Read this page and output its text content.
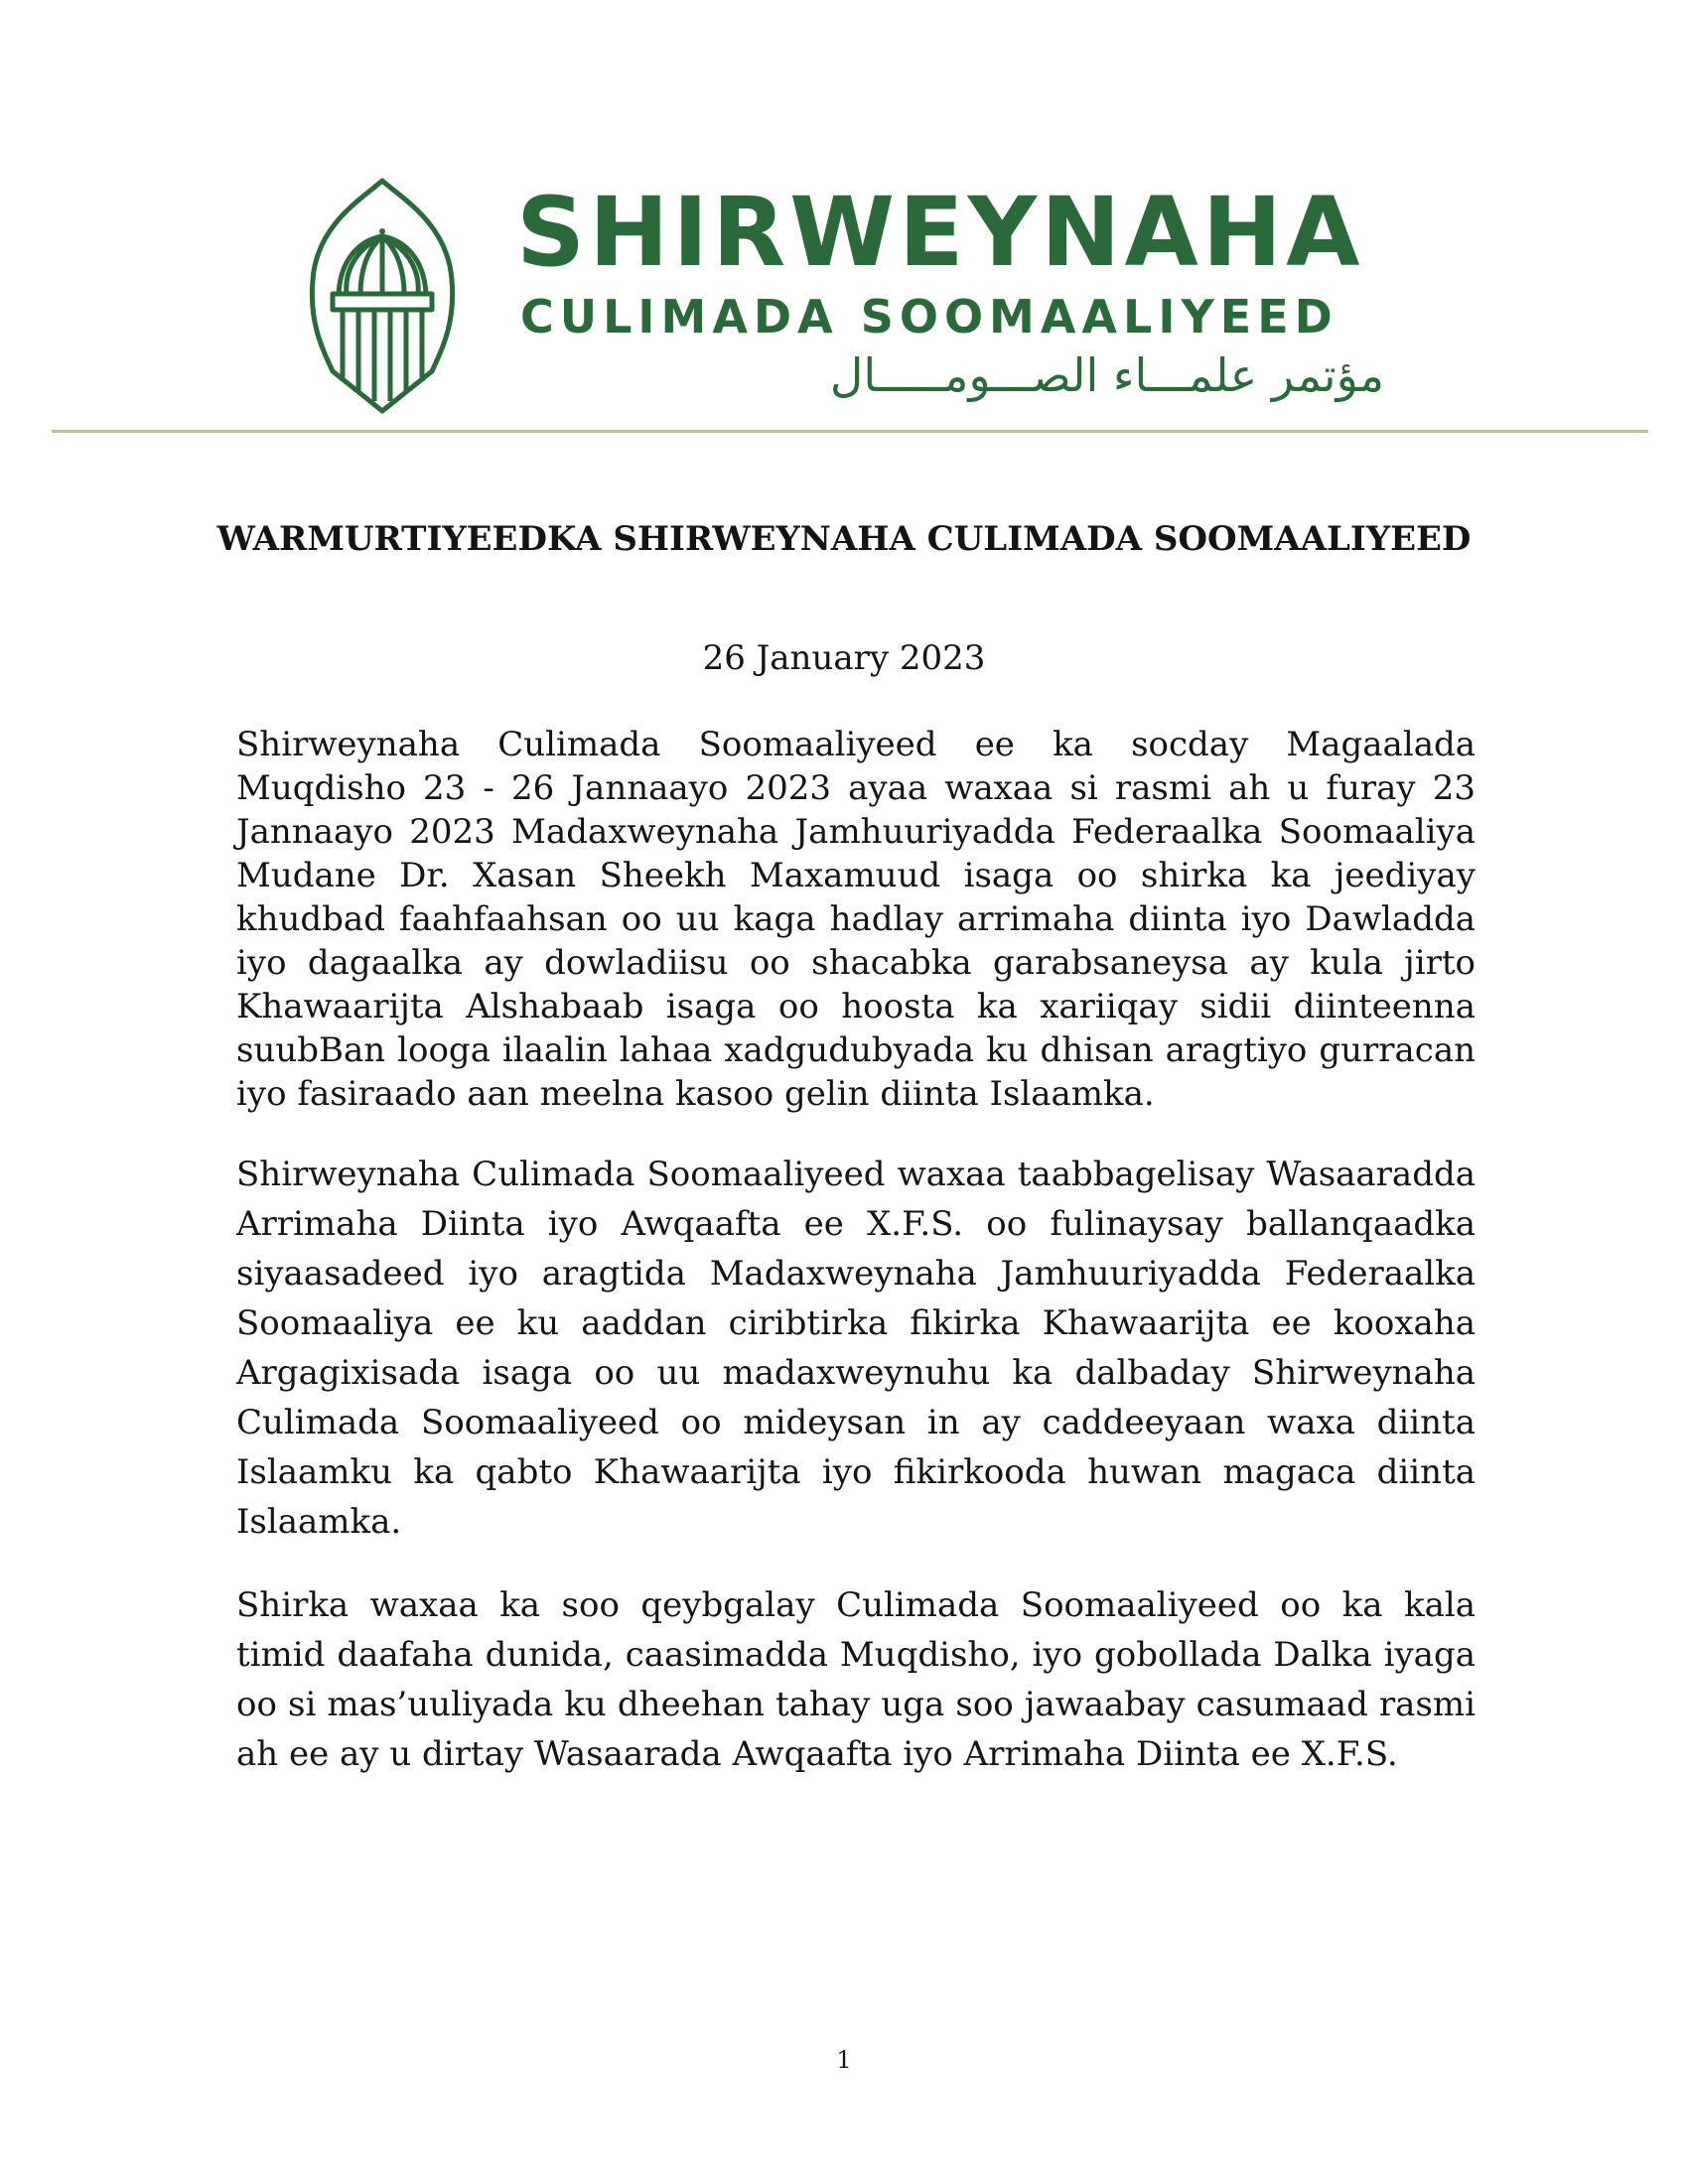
SHIRWEYNAHA
CULIMADA SOOMAALIYEED
مؤتمر علمـــاء الصـــومـــــال
WARMURTIYEEDKA SHIRWEYNAHA CULIMADA SOOMAALIYEED
26 January 2023

Shirweynaha Culimada Soomaaliyeed ee ka socday Magaalada Muqdisho 23 - 26 Jannaayo 2023 ayaa waxaa si rasmi ah u furay 23 Jannaayo 2023 Madaxweynaha Jamhuuriyadda Federaalka Soomaaliya Mudane Dr. Xasan Sheekh Maxamuud isaga oo shirka ka jeediyay khudbad faahfaahsan oo uu kaga hadlay arrimaha diinta iyo Dawladda iyo dagaalka ay dowladiisu oo shacabka garabsaneysa ay kula jirto Khawaarijta Alshabaab isaga oo hoosta ka xariiqay sidii diinteenna suubBan looga ilaalin lahaa xadgudubyada ku dhisan aragtiyo gurracan iyo fasiraado aan meelna kasoo gelin diinta Islaamka.

Shirweynaha Culimada Soomaaliyeed waxaa taabbagelisay Wasaaradda Arrimaha Diinta iyo Awqaafta ee X.F.S. oo fulinaysay ballanqaadka siyaasadeed iyo aragtida Madaxweynaha Jamhuuriyadda Federaalka Soomaaliya ee ku aaddan ciribtirka fikirka Khawaarijta ee kooxaha Argagixisada isaga oo uu madaxweynuhu ka dalbaday Shirweynaha Culimada Soomaaliyeed oo mideysan in ay caddeeyaan waxa diinta Islaamku ka qabto Khawaarijta iyo fikirkooda huwan magaca diinta Islaamka.

Shirka waxaa ka soo qeybgalay Culimada Soomaaliyeed oo ka kala timid daafaha dunida, caasimadda Muqdisho, iyo gobollada Dalka iyaga oo si mas’uuliyada ku dheehan tahay uga soo jawaabay casumaad rasmi ah ee ay u dirtay Wasaarada Awqaafta iyo Arrimaha Diinta ee X.F.S.

1
